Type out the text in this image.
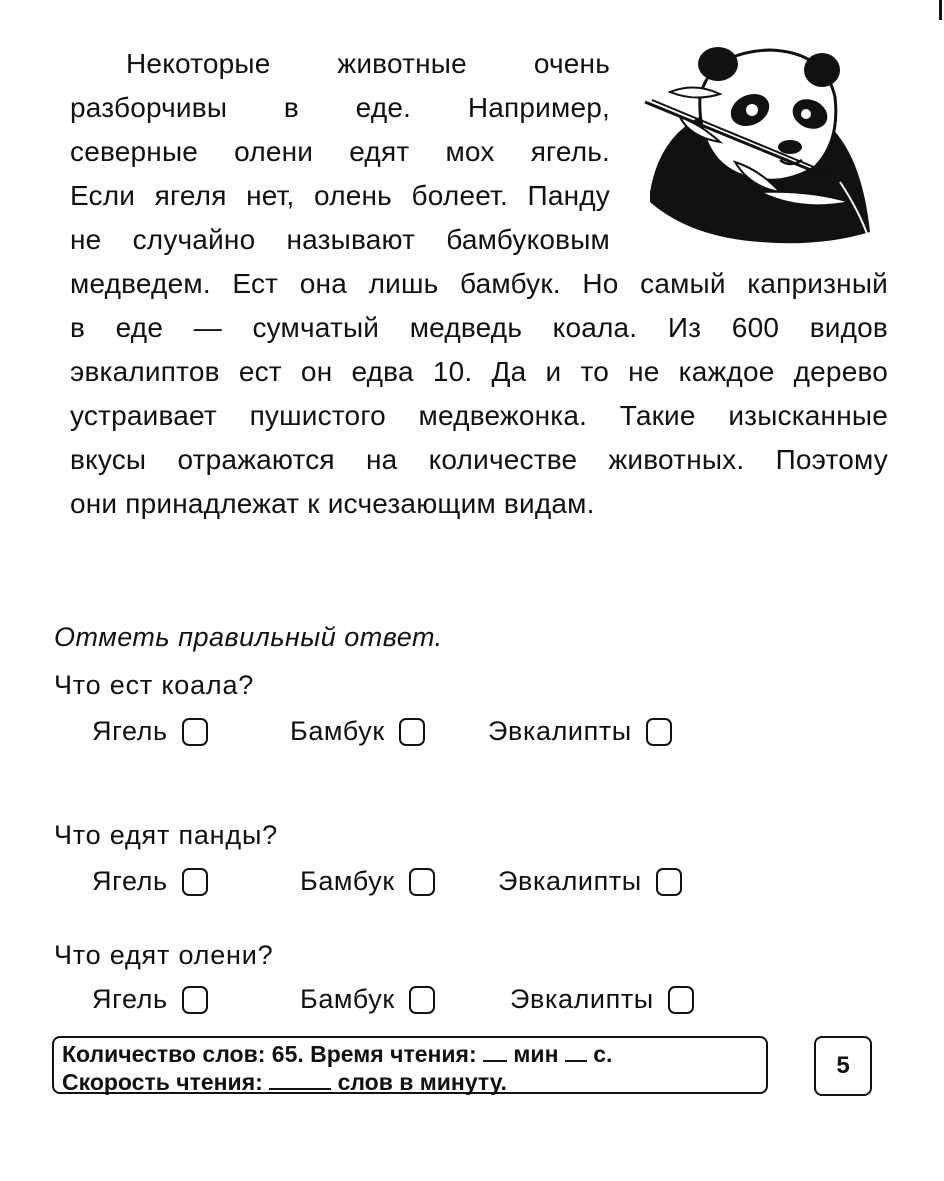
Некоторые животные очень
разборчивы в еде. Например,
северные олени едят мох ягель.
Если ягеля нет, олень болеет. Панду
не случайно называют бамбуковым
медведем. Ест она лишь бамбук. Но самый капризный
в еде — сумчатый медведь коала. Из 600 видов
эвкалиптов ест он едва 10. Да и то не каждое дерево
устраивает пушистого медвежонка. Такие изысканные
вкусы отражаются на количестве животных. Поэтому
они принадлежат к исчезающим видам.
Отметь правильный ответ.
Что ест коала?
Ягель	Бамбук	Эвкалипты
Что едят панды?
Ягель	Бамбук	Эвкалипты
Что едят олени?
Ягель	Бамбук	Эвкалипты
Количество слов: 65. Время чтения: мин с.
Скорость чтения:	слов в минуту.
5
